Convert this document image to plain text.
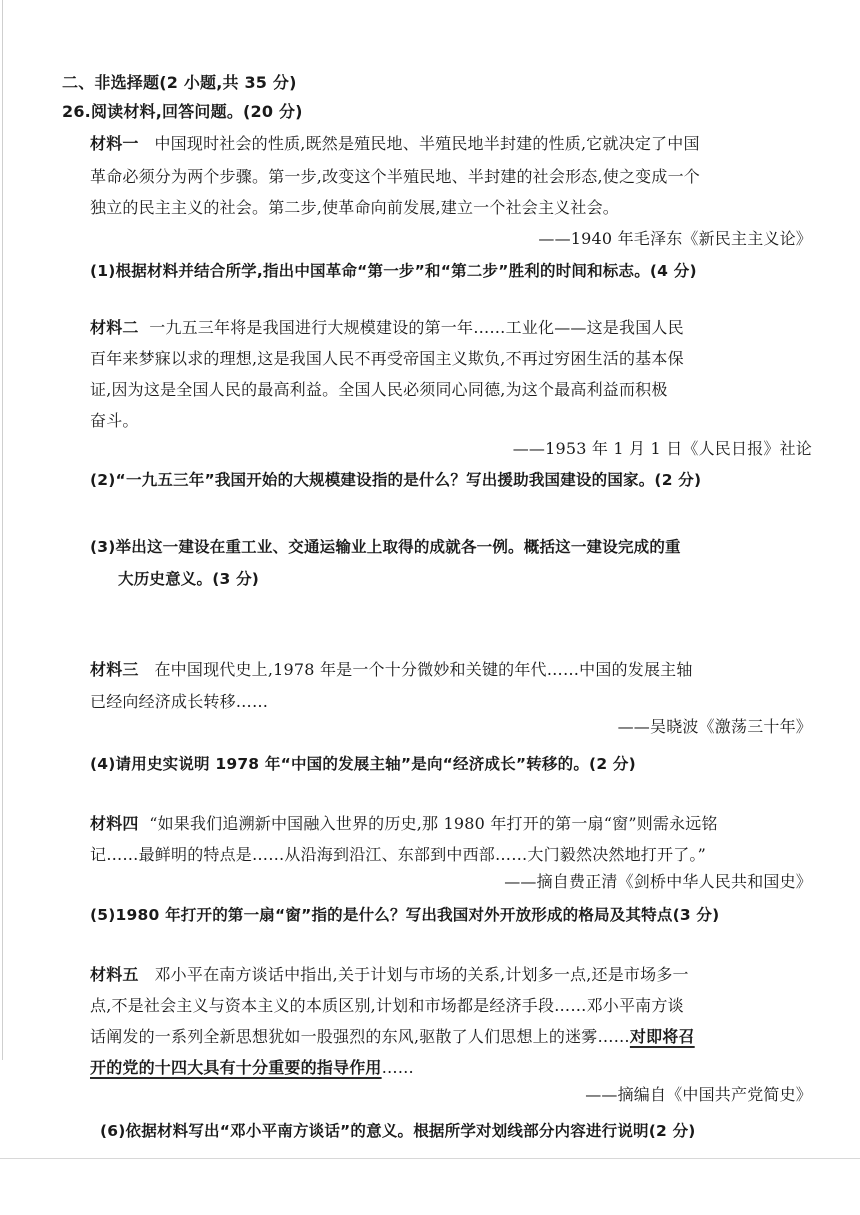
二、非选择题(2 小题,共 35 分)
26.阅读材料,回答问题。(20 分)
材料一 中国现时社会的性质,既然是殖民地、半殖民地半封建的性质,它就决定了中国
革命必须分为两个步骤。第一步,改变这个半殖民地、半封建的社会形态,使之变成一个
独立的民主主义的社会。第二步,使革命向前发展,建立一个社会主义社会。
——1940 年毛泽东《新民主主义论》
(1)根据材料并结合所学,指出中国革命“第一步”和“第二步”胜利的时间和标志。(4 分)
材料二 一九五三年将是我国进行大规模建设的第一年……工业化——这是我国人民
百年来梦寐以求的理想,这是我国人民不再受帝国主义欺负,不再过穷困生活的基本保
证,因为这是全国人民的最高利益。全国人民必须同心同德,为这个最高利益而积极
奋斗。
——1953 年 1 月 1 日《人民日报》社论
(2)“一九五三年”我国开始的大规模建设指的是什么？写出援助我国建设的国家。(2 分)
(3)举出这一建设在重工业、交通运输业上取得的成就各一例。概括这一建设完成的重
大历史意义。(3 分)
材料三 在中国现代史上,1978 年是一个十分微妙和关键的年代……中国的发展主轴
已经向经济成长转移……
——吴晓波《激荡三十年》
(4)请用史实说明 1978 年“中国的发展主轴”是向“经济成长”转移的。(2 分)
材料四 “如果我们追溯新中国融入世界的历史,那 1980 年打开的第一扇“窗”则需永远铭
记……最鲜明的特点是……从沿海到沿江、东部到中西部……大门毅然决然地打开了。”
——摘自费正清《剑桥中华人民共和国史》
(5)1980 年打开的第一扇“窗”指的是什么？写出我国对外开放形成的格局及其特点(3 分)
材料五 邓小平在南方谈话中指出,关于计划与市场的关系,计划多一点,还是市场多一
点,不是社会主义与资本主义的本质区别,计划和市场都是经济手段……邓小平南方谈
话阐发的一系列全新思想犹如一股强烈的东风,驱散了人们思想上的迷雾……对即将召
开的党的十四大具有十分重要的指导作用……
——摘编自《中国共产党简史》
(6)依据材料写出“邓小平南方谈话”的意义。根据所学对划线部分内容进行说明(2 分)
